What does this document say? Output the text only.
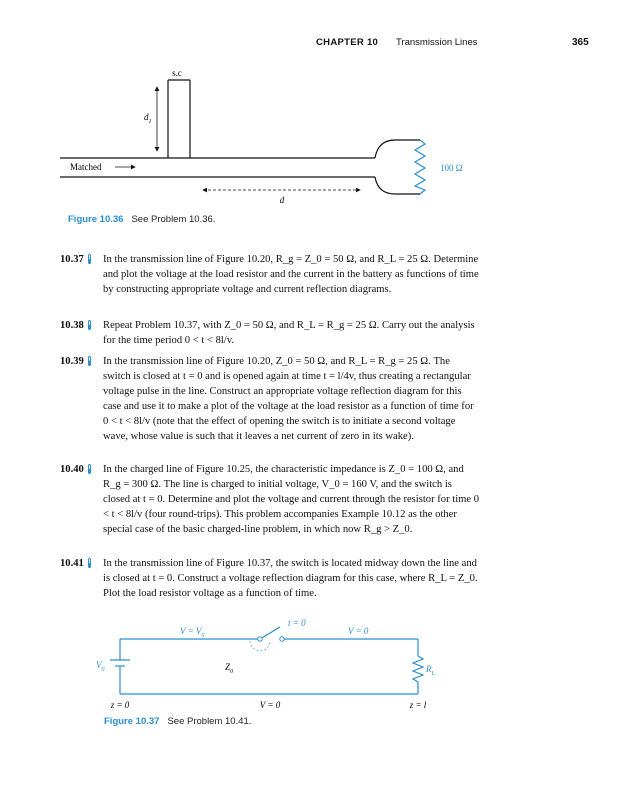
CHAPTER 10 Transmission Lines	365
s.c
$d_1$
Matched	100 Ω
d
Figure 10.36 See Problem 10.36.
10.37 In the transmission line of Figure 10.20, R_g = Z_0 = 50 Ω, and R_L = 25 Ω. Determine and plot the voltage at the load resistor and the current in the battery as functions of time by constructing appropriate voltage and current reflection diagrams.

10.38 Repeat Problem 10.37, with Z_0 = 50 Ω, and R_L = R_g = 25 Ω. Carry out the analysis for the time period 0 < t < 8l/v.

10.39 In the transmission line of Figure 10.20, Z_0 = 50 Ω, and R_L = R_g = 25 Ω. The switch is closed at t = 0 and is opened again at time t = l/4v, thus creating a rectangular voltage pulse in the line. Construct an appropriate voltage reflection diagram for this case and use it to make a plot of the voltage at the load resistor as a function of time for 0 < t < 8l/v (note that the effect of opening the switch is to initiate a second voltage wave, whose value is such that it leaves a net current of zero in its wake).

10.40 In the charged line of Figure 10.25, the characteristic impedance is Z_0 = 100 Ω, and R_g = 300 Ω. The line is charged to initial voltage, V_0 = 160 V, and the switch is closed at t = 0. Determine and plot the voltage and current through the resistor for time 0 < t < 8l/v (four round-trips). This problem accompanies Example 10.12 as the other special case of the basic charged-line problem, in which now R_g > Z_0.

10.41 In the transmission line of Figure 10.37, the switch is located midway down the line and is closed at t = 0. Construct a voltage reflection diagram for this case, where R_L = Z_0. Plot the load resistor voltage as a function of time.

t = 0
$V = V_0$	V = 0
$V_0$	$Z_0$	$R_L$
z = 0	V = 0	z = l
Figure 10.37 See Problem 10.41.
